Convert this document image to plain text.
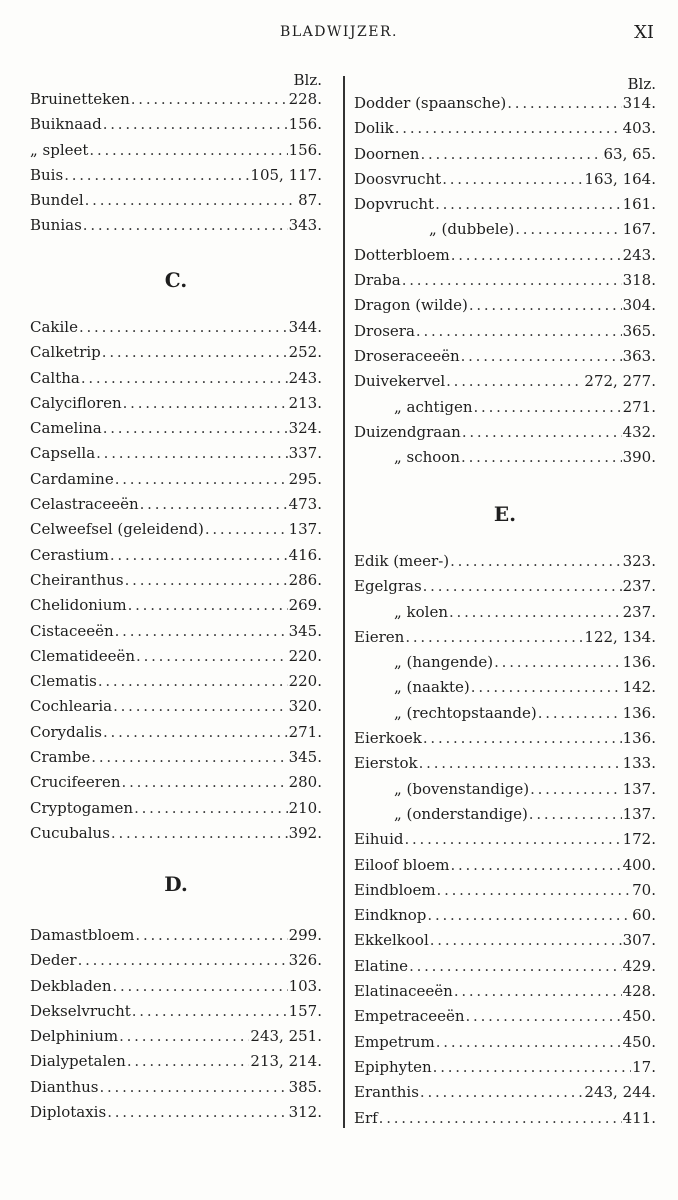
BLADWIJZER.	XI
Blz.
Bruinetteken . . .	228.
Buiknaad . . .	156.
„ spleet . . .	156.
Buis . . .	105, 117.
Bundel . . .	87.
Bunias . . .	343.
C.
Cakile . . .	344.
Calketrip . . .	252.
Caltha . . .	243.
Calycifloren . . .	213.
Camelina . . .	324.
Capsella . . .	337.
Cardamine . . .	295.
Celastraceeën . . .	473.
Celweefsel (geleidend) . . .	137.
Cerastium . . .	416.
Cheiranthus . . .	286.
Chelidonium . . .	269.
Cistaceeën . . .	345.
Clematideeën . . .	220.
Clematis . . .	220.
Cochlearia . . .	320.
Corydalis . . .	271.
Crambe . . .	345.
Crucifeeren . . .	280.
Cryptogamen . . .	210.
Cucubalus . . .	392.
D.
Damastbloem . . .	299.
Deder . . .	326.
Dekbladen . . .	103.
Dekselvrucht . . .	157.
Delphinium . . .	243, 251.
Dialypetalen . . .	213, 214.
Dianthus . . .	385.
Diplotaxis . . .	312.
Blz.
Dodder (spaansche) . . .	314.
Dolik . . .	403.
Doornen . . .	63, 65.
Doosvrucht . . .	163, 164.
Dopvrucht . . .	161.
„ (dubbele) . . .	167.
Dotterbloem . . .	243.
Draba . . .	318.
Dragon (wilde) . . .	304.
Drosera . . .	365.
Droseraceeën . . .	363.
Duivekervel . . .	272, 277.
„ achtigen . . .	271.
Duizendgraan . . .	432.
„ schoon . . .	390.
E.
Edik (meer-) . . .	323.
Egelgras . . .	237.
„ kolen . . .	237.
Eieren . . .	122, 134.
„ (hangende) . . .	136.
„ (naakte) . . .	142.
„ (rechtopstaande) . . .	136.
Eierkoek . . .	136.
Eierstok . . .	133.
„ (bovenstandige) . . .	137.
„ (onderstandige) . . .	137.
Eihuid . . .	172.
Eiloof bloem . . .	400.
Eindbloem . . .	70.
Eindknop . . .	60.
Ekkelkool . . .	307.
Elatine . . .	429.
Elatinaceeën . . .	428.
Empetraceeën . . .	450.
Empetrum . . .	450.
Epiphyten . . .	17.
Eranthis . . .	243, 244.
Erf . . .	411.
